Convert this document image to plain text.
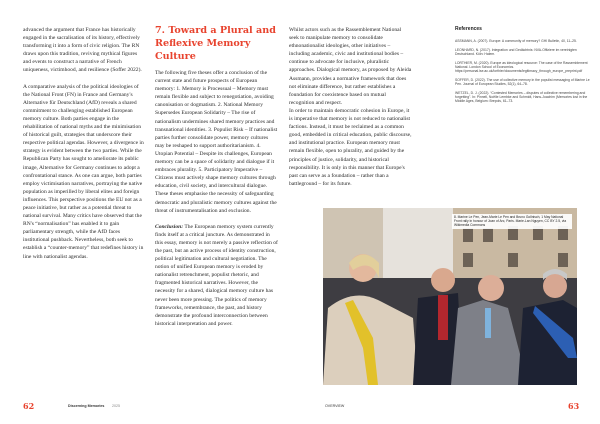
advanced the argument that France has historically engaged in the sacralisation of its history, effectively transforming it into a form of civic religion. The RN draws upon this tradition, reviving mythical figures and events to construct a narrative of French uniqueness, victimhood, and resilience (Soffer 2022).

A comparative analysis of the political ideologies of the National Front (FN) in France and Germany's Alternative für Deutschland (AfD) reveals a shared commitment to challenging established European memory culture. Both parties engage in the rehabilitation of national myths and the minimisation of historical guilt, strategies that underscore their respective political agendas. However, a divergence in strategy is evident between the two parties. While the Republican Party has sought to ameliorate its public image, Alternative for Germany continues to adopt a confrontational stance. As one can argue, both parties employ victimisation narratives, portraying the native population as imperilled by liberal elites and foreign influences. This perspective positions the EU not as a peace initiative, but rather as a potential threat to national survival. Many critics have observed that the RN's “normalisation” has enabled it to gain parliamentary strength, while the AfD faces institutional pushback. Nevertheless, both seek to establish a “counter-memory” that redefines history in line with nationalist agendas.

7. Toward a Plural and Reflexive Memory Culture

The following five theses offer a conclusion of the current state and future prospects of European memory: 1. Memory is Processual – Memory must remain flexible and subject to renegotiation, avoiding canonisation or dogmatism. 2. National Memory Supersedes European Solidarity – The rise of nationalism undermines shared memory practices and transnational identities. 3. Populist Risk – If nationalist parties further consolidate power, memory cultures may be reshaped to support authoritarianism. 4. Utopian Potential – Despite its challenges, European memory can be a space of solidarity and dialogue if it embraces plurality. 5. Participatory Imperative – Citizens must actively shape memory cultures through education, civil society, and intercultural dialogue.
These theses emphasise the necessity of safeguarding democratic and pluralistic memory cultures against the threat of instrumentalisation and exclusion.

Conclusion: The European memory system currently finds itself at a critical juncture. As demonstrated in this essay, memory is not merely a passive reflection of the past, but an active process of identity construction, political legitimation and cultural negotiation. The notion of unified European memory is eroded by nationalist retrenchment, populist rhetoric, and fragmented historical narratives. However, the necessity for a shared, dialogical memory culture has never been more pressing. The politics of memory frameworks, remembrance, the past, and history demonstrate the profound interconnection between historical interpretation and power.

Whilst actors such as the Rassemblement National seek to manipulate memory to consolidate ethnonationalist ideologies, other initiatives – including academic, civic and institutional bodies – continue to advocate for inclusive, pluralistic approaches. Dialogical memory, as proposed by Aleida Assmann, provides a normative framework that does not eliminate difference, but rather establishes a foundation for coexistence based on mutual recognition and respect.

In order to maintain democratic cohesion in Europe, it is imperative that memory is not reduced to nationalist factions. Instead, it must be reclaimed as a common good, embedded in critical education, public discourse, and institutional practice. European memory must remain flexible, open to plurality, and guided by the principles of justice, solidarity, and historical responsibility. It is only in this manner that Europe's past can serve as a foundation – rather than a battleground – for its future.

References

ASSMANN, A. (2007). Europe: A community of memory? GHI Bulletin, 40, 11–25.

LEONHARD, N. (2017). Integration und Gedächtnis: NVA-Offiziere im vereinigten Deutschland. Köln: Halem.

LORTHIER, M. (2020). Europe as ideological resource: The case of the Rassemblement National. London School of Economics. https://personal.lse.ac.uk/lorthier/documents/legitimacy_through_europe_preprint.pdf

SOFFER, D. (2022). The use of collective memory in the populist messaging of Marine Le Pen. Journal of European Studies, 52(1), 64–78.

WETZEL, D. J. (2022). “Contested Memories – disputes of collective remembering and forgetting”. In: Pinnell, Noëlle Lembke and Schmidt, Hans-Joachim (Memories lost in the Middle Ages, Belgium: Brepols, 61–73.

8. Marine Le Pen, Jean-Marie Le Pen and Bruno Gollnisch, 1 May National Front rally in honour of Joan of Arc, Paris. Marie-Lan Nguyen, CC BY 2.5, via Wikimedia Commons
62	Discerning Memories 2025	OVERVIEW	63
